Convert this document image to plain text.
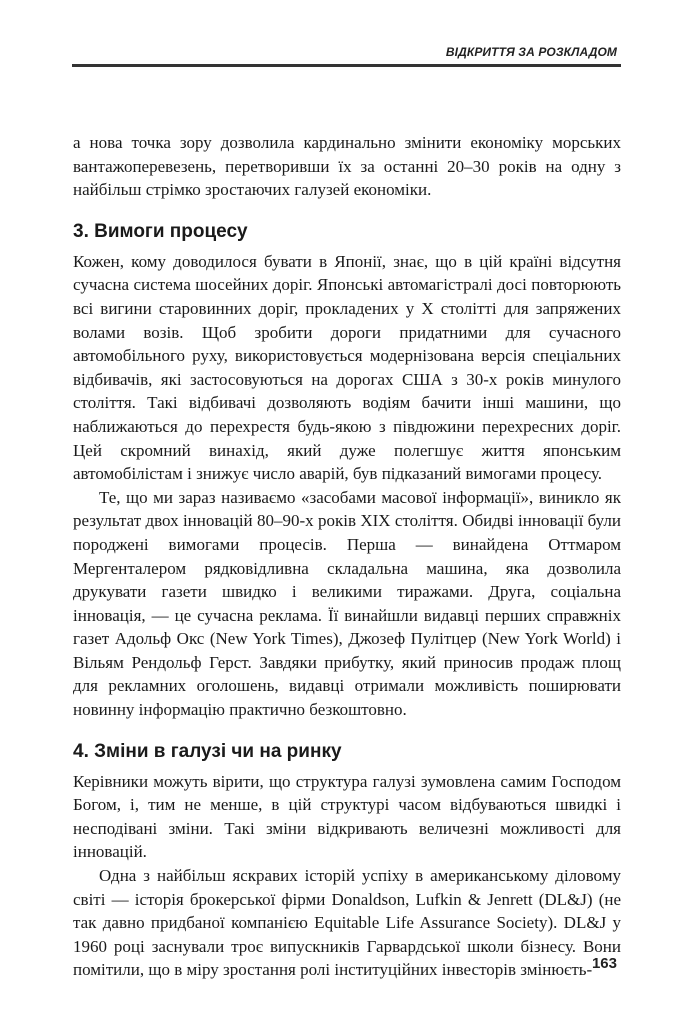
ВІДКРИТТЯ ЗА РОЗКЛАДОМ

а нова точка зору дозволила кардинально змінити економіку морських вантажоперевезень, перетворивши їх за останні 20–30 років на одну з найбільш стрімко зростаючих галузей економіки.

3. Вимоги процесу

Кожен, кому доводилося бувати в Японії, знає, що в цій країні відсутня сучасна система шосейних доріг. Японські автомагістралі досі повторюють всі вигини старовинних доріг, прокладених у X столітті для запряжених волами возів. Щоб зробити дороги придатними для сучасного автомобільного руху, використовується модернізована версія спеціальних відбивачів, які застосовуються на дорогах США з 30-х років минулого століття. Такі відбивачі дозволяють водіям бачити інші машини, що наближаються до перехрестя будь-якою з півдюжини перехресних доріг. Цей скромний винахід, який дуже полегшує життя японським автомобілістам і знижує число аварій, був підказаний вимогами процесу.

Те, що ми зараз називаємо «засобами масової інформації», виникло як результат двох інновацій 80–90-х років XIX століття. Обидві інновації були породжені вимогами процесів. Перша — винайдена Оттмаром Мергенталером рядковідливна складальна машина, яка дозволила друкувати газети швидко і великими тиражами. Друга, соціальна інновація, — це сучасна реклама. Її винайшли видавці перших справжніх газет Адольф Окс (New York Times), Джозеф Пулітцер (New York World) і Вільям Рендольф Герст. Завдяки прибутку, який приносив продаж площ для рекламних оголошень, видавці отримали можливість поширювати новинну інформацію практично безкоштовно.

4. Зміни в галузі чи на ринку

Керівники можуть вірити, що структура галузі зумовлена самим Господом Богом, і, тим не менше, в цій структурі часом відбуваються швидкі і несподівані зміни. Такі зміни відкривають величезні можливості для інновацій.

Одна з найбільш яскравих історій успіху в американському діловому світі — історія брокерської фірми Donaldson, Lufkin & Jenrett (DL&J) (не так давно придбаної компанією Equitable Life Assurance Society). DL&J у 1960 році заснували троє випускників Гарвардської школи бізнесу. Вони помітили, що в міру зростання ролі інституційних інвесторів змінюєть- 163
